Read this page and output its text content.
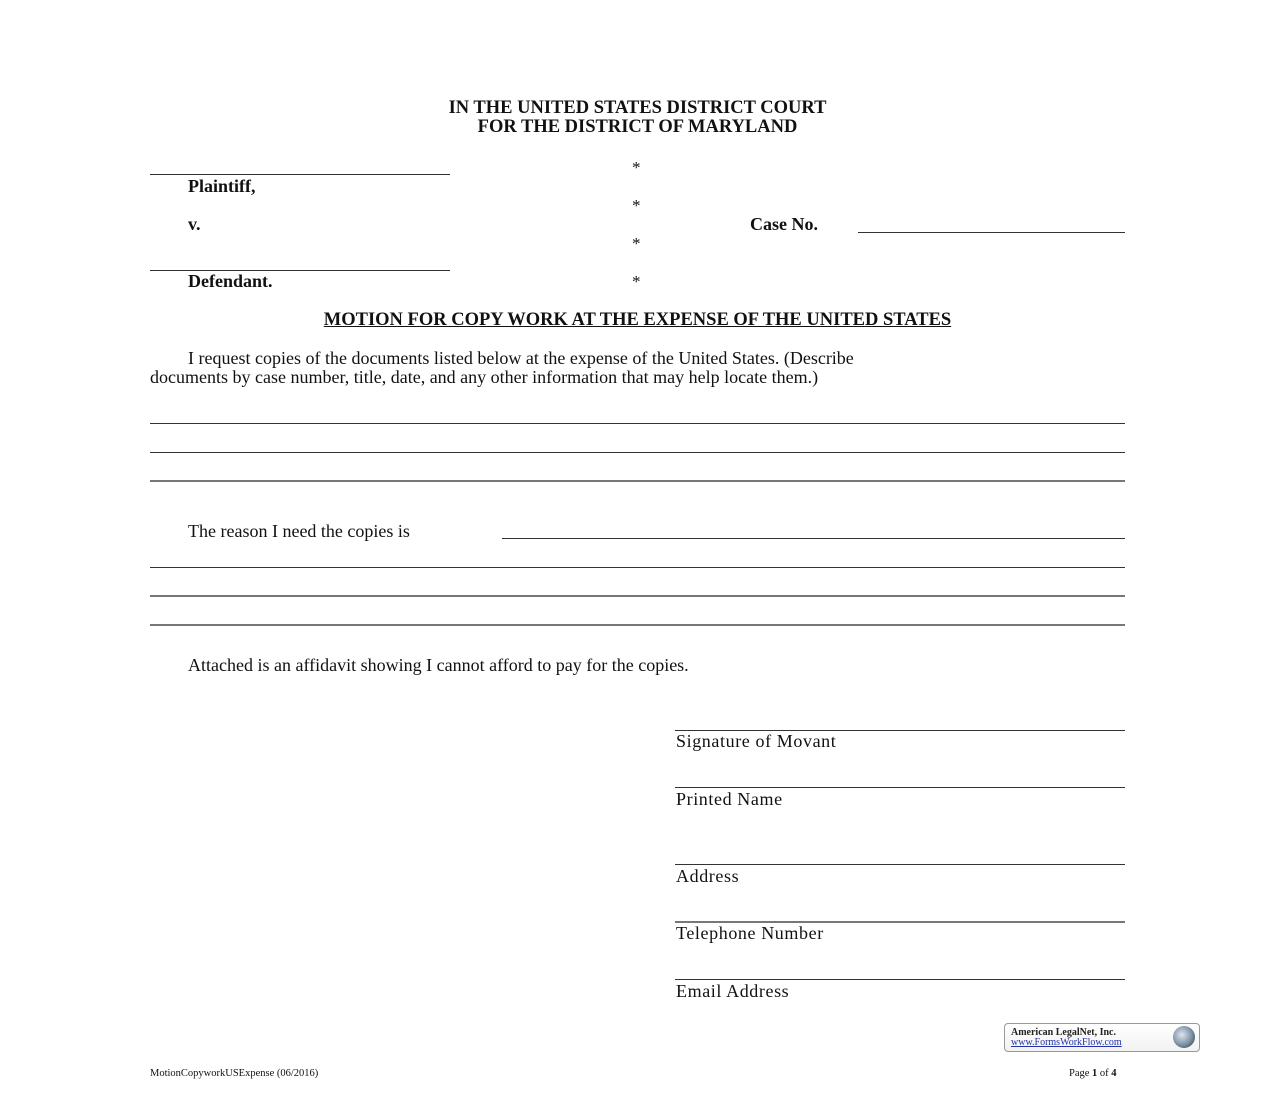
IN THE UNITED STATES DISTRICT COURT
FOR THE DISTRICT OF MARYLAND
Plaintiff,
v.
Defendant.
*
*
*
*
Case No.
MOTION FOR COPY WORK AT THE EXPENSE OF THE UNITED STATES
I request copies of the documents listed below at the expense of the United States. (Describe
documents by case number, title, date, and any other information that may help locate them.)
The reason I need the copies is
Attached is an affidavit showing I cannot afford to pay for the copies.
Signature of Movant
Printed Name
Address
Telephone Number
Email Address
American LegalNet, Inc.
www.FormsWorkFlow.com
MotionCopyworkUSExpense (06/2016)	Page 1 of 4
